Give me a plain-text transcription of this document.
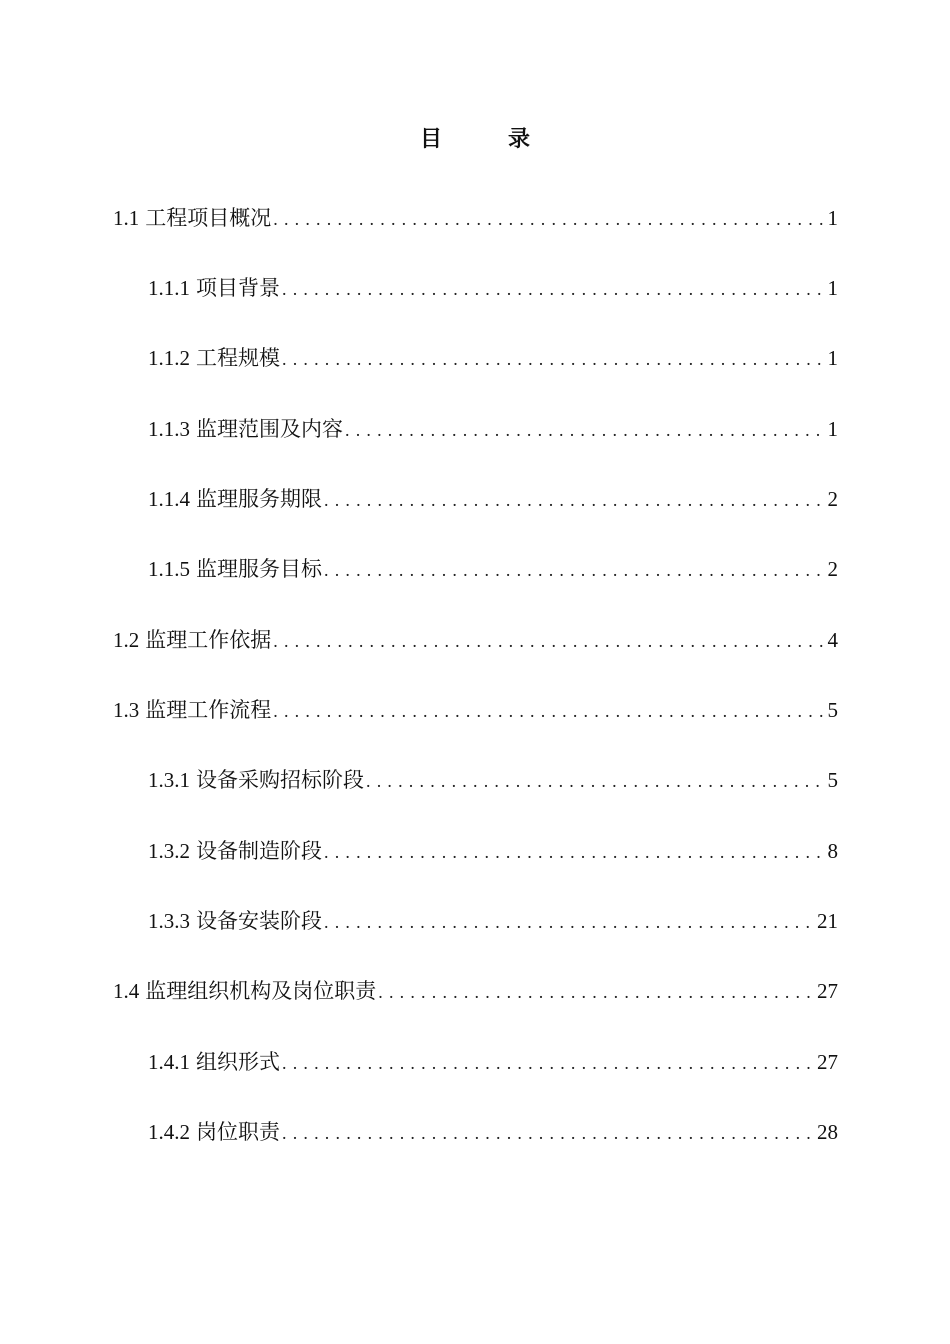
目　录
1.1 工程项目概况 .....	1
1.1.1 项目背景 .....	1
1.1.2 工程规模 .....	1
1.1.3 监理范围及内容 .....	1
1.1.4 监理服务期限 .....	2
1.1.5 监理服务目标 .....	2
1.2 监理工作依据 .....	4
1.3 监理工作流程 .....	5
1.3.1 设备采购招标阶段 .....	5
1.3.2 设备制造阶段 .....	8
1.3.3 设备安装阶段 .....	21
1.4 监理组织机构及岗位职责 .....	27
1.4.1 组织形式 .....	27
1.4.2 岗位职责 .....	28
